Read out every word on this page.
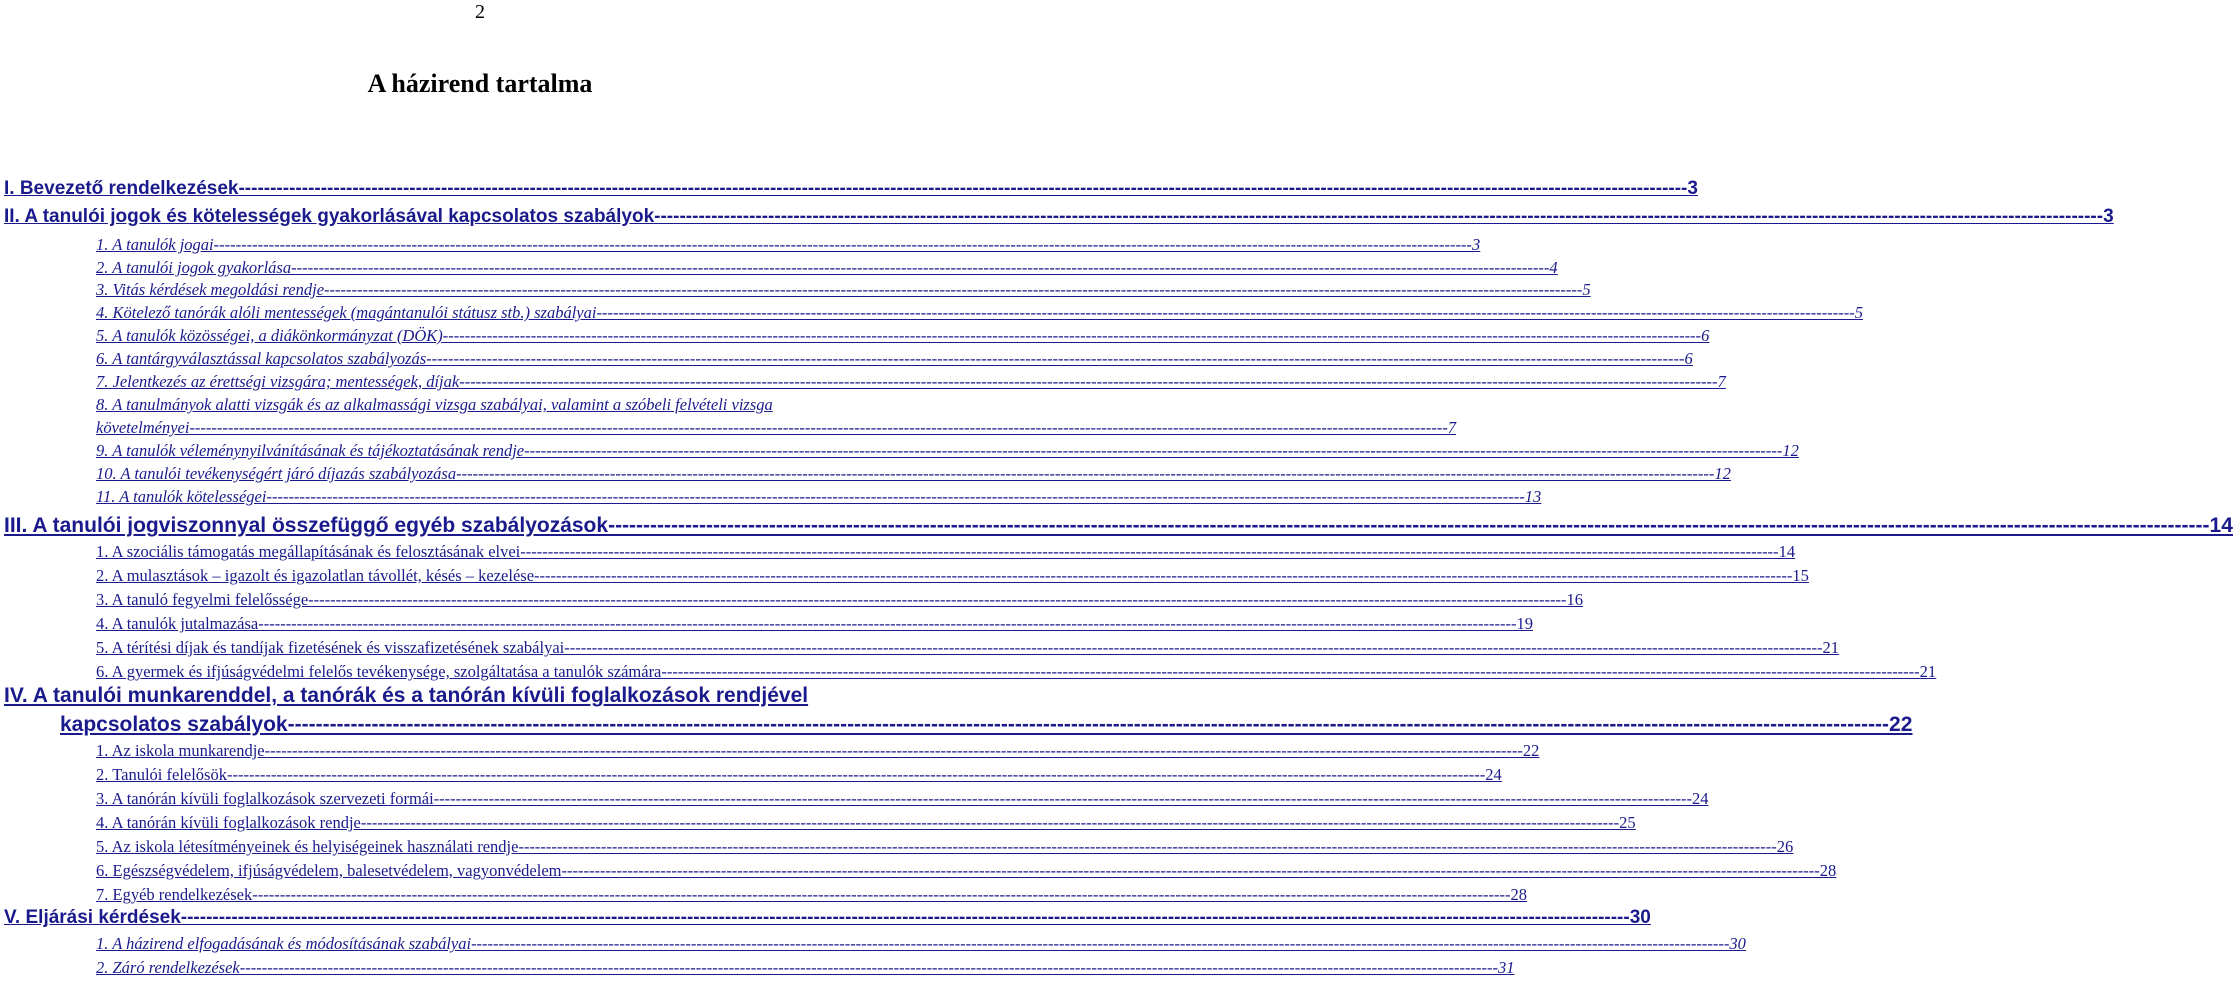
2
A házirend tartalma
I. Bevezető rendelkezések ------------------------------------------------------------------------------------------------------------------------------------------------------------------------------------------------------------------------------------- 3
II. A tanulói jogok és kötelességek gyakorlásával kapcsolatos szabályok ------------------------------------------------------------------------------------------------------------------------------------------------------------------------------------------------------------------------------------- 3
1. A tanulók jogai ------------------------------------------------------------------------------------------------------------------------------------------------------------------------------------------------------------------------------------- 3
2. A tanulói jogok gyakorlása ------------------------------------------------------------------------------------------------------------------------------------------------------------------------------------------------------------------------------------- 4
3. Vitás kérdések megoldási rendje ------------------------------------------------------------------------------------------------------------------------------------------------------------------------------------------------------------------------------------- 5
4. Kötelező tanórák alóli mentességek (magántanulói státusz stb.) szabályai ------------------------------------------------------------------------------------------------------------------------------------------------------------------------------------------------------------------------------------- 5
5. A tanulók közösségei, a diákönkormányzat (DÖK) ------------------------------------------------------------------------------------------------------------------------------------------------------------------------------------------------------------------------------------- 6
6. A tantárgyválasztással kapcsolatos szabályozás ------------------------------------------------------------------------------------------------------------------------------------------------------------------------------------------------------------------------------------- 6
7. Jelentkezés az érettségi vizsgára; mentességek, díjak ------------------------------------------------------------------------------------------------------------------------------------------------------------------------------------------------------------------------------------- 7
8. A tanulmányok alatti vizsgák és az alkalmassági vizsga szabályai, valamint a szóbeli felvételi vizsga
követelményei ------------------------------------------------------------------------------------------------------------------------------------------------------------------------------------------------------------------------------------- 7
9. A tanulók véleménynyilvánításának és tájékoztatásának rendje ------------------------------------------------------------------------------------------------------------------------------------------------------------------------------------------------------------------------------------- 12
10. A tanulói tevékenységért járó díjazás szabályozása ------------------------------------------------------------------------------------------------------------------------------------------------------------------------------------------------------------------------------------- 12
11. A tanulók kötelességei ------------------------------------------------------------------------------------------------------------------------------------------------------------------------------------------------------------------------------------- 13
III. A tanulói jogviszonnyal összefüggő egyéb szabályozások ------------------------------------------------------------------------------------------------------------------------------------------------------------------------------------------------------------------------------------- 14
1. A szociális támogatás megállapításának és felosztásának elvei ------------------------------------------------------------------------------------------------------------------------------------------------------------------------------------------------------------------------------------- 14
2. A mulasztások – igazolt és igazolatlan távollét, késés – kezelése ------------------------------------------------------------------------------------------------------------------------------------------------------------------------------------------------------------------------------------- 15
3. A tanuló fegyelmi felelőssége ------------------------------------------------------------------------------------------------------------------------------------------------------------------------------------------------------------------------------------- 16
4. A tanulók jutalmazása ------------------------------------------------------------------------------------------------------------------------------------------------------------------------------------------------------------------------------------- 19
5. A térítési díjak és tandíjak fizetésének és visszafizetésének szabályai ------------------------------------------------------------------------------------------------------------------------------------------------------------------------------------------------------------------------------------- 21
6. A gyermek és ifjúságvédelmi felelős tevékenysége, szolgáltatása a tanulók számára ------------------------------------------------------------------------------------------------------------------------------------------------------------------------------------------------------------------------------------- 21
IV. A tanulói munkarenddel, a tanórák és a tanórán kívüli foglalkozások rendjével
kapcsolatos szabályok ------------------------------------------------------------------------------------------------------------------------------------------------------------------------------------------------------------------------------------- 22
1. Az iskola munkarendje ------------------------------------------------------------------------------------------------------------------------------------------------------------------------------------------------------------------------------------- 22
2. Tanulói felelősök ------------------------------------------------------------------------------------------------------------------------------------------------------------------------------------------------------------------------------------- 24
3. A tanórán kívüli foglalkozások szervezeti formái ------------------------------------------------------------------------------------------------------------------------------------------------------------------------------------------------------------------------------------- 24
4. A tanórán kívüli foglalkozások rendje ------------------------------------------------------------------------------------------------------------------------------------------------------------------------------------------------------------------------------------- 25
5. Az iskola létesítményeinek és helyiségeinek használati rendje ------------------------------------------------------------------------------------------------------------------------------------------------------------------------------------------------------------------------------------- 26
6. Egészségvédelem, ifjúságvédelem, balesetvédelem, vagyonvédelem ------------------------------------------------------------------------------------------------------------------------------------------------------------------------------------------------------------------------------------- 28
7. Egyéb rendelkezések ------------------------------------------------------------------------------------------------------------------------------------------------------------------------------------------------------------------------------------- 28
V. Eljárási kérdések ------------------------------------------------------------------------------------------------------------------------------------------------------------------------------------------------------------------------------------- 30
1. A házirend elfogadásának és módosításának szabályai ------------------------------------------------------------------------------------------------------------------------------------------------------------------------------------------------------------------------------------- 30
2. Záró rendelkezések ------------------------------------------------------------------------------------------------------------------------------------------------------------------------------------------------------------------------------------- 31
